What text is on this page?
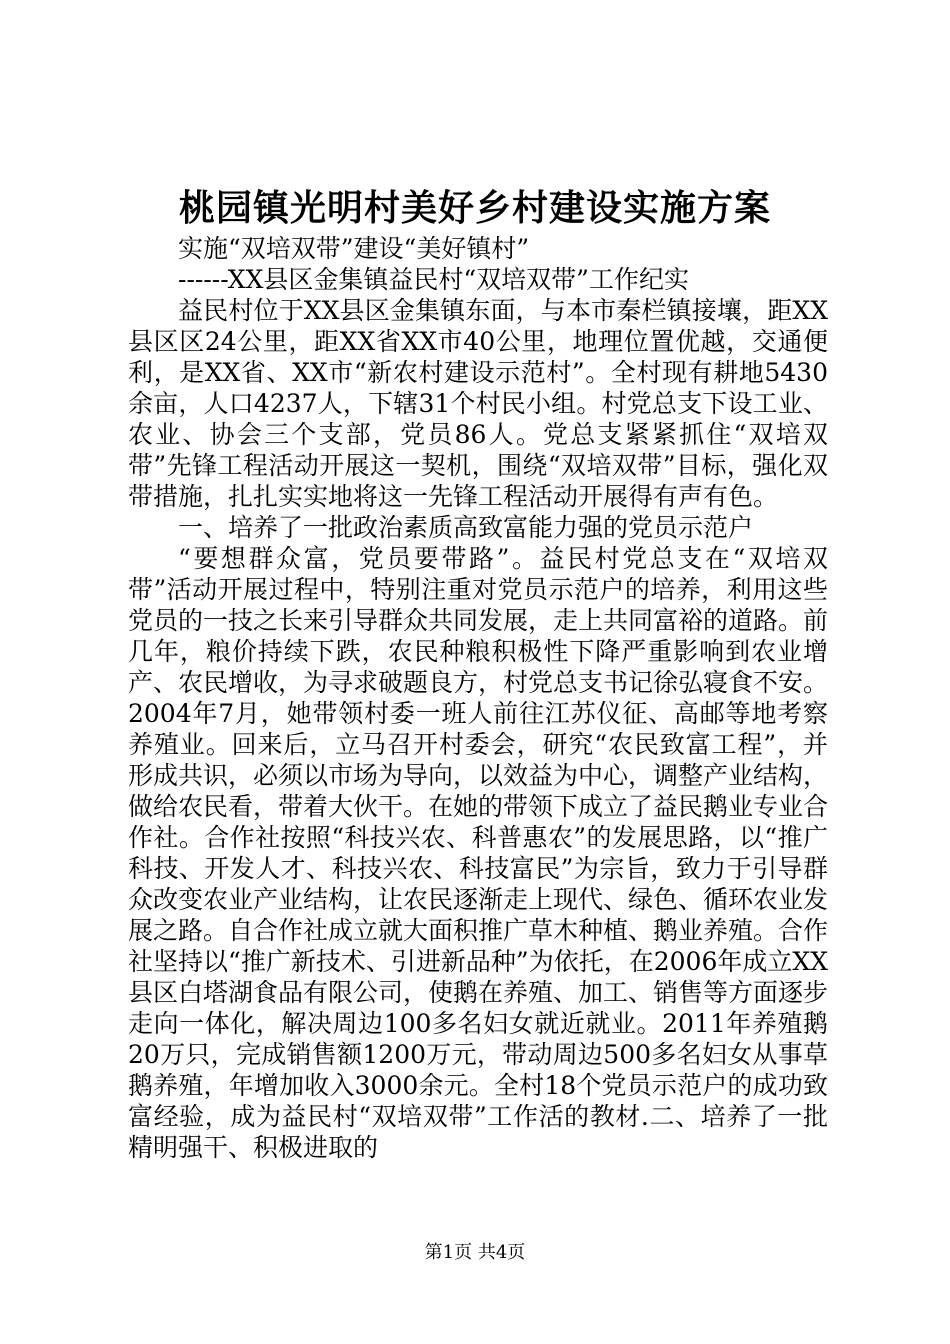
桃园镇光明村美好乡村建设实施方案

实施“双培双带”建设“美好镇村”

------XX县区金集镇益民村“双培双带”工作纪实

益民村位于XX县区金集镇东面，与本市秦栏镇接壤，距XX县区区24公里，距XX省XX市40公里，地理位置优越，交通便利，是XX省、XX市“新农村建设示范村”。全村现有耕地5430余亩，人口4237人，下辖31个村民小组。村党总支下设工业、农业、协会三个支部，党员86人。党总支紧紧抓住“双培双带”先锋工程活动开展这一契机，围绕“双培双带”目标，强化双带措施，扎扎实实地将这一先锋工程活动开展得有声有色。

一、培养了一批政治素质高致富能力强的党员示范户

“要想群众富，党员要带路”。益民村党总支在“双培双带”活动开展过程中，特别注重对党员示范户的培养，利用这些党员的一技之长来引导群众共同发展，走上共同富裕的道路。前几年，粮价持续下跌，农民种粮积极性下降严重影响到农业增产、农民增收，为寻求破题良方，村党总支书记徐弘寝食不安。2004年7月，她带领村委一班人前往江苏仪征、高邮等地考察养殖业。回来后，立马召开村委会，研究“农民致富工程”，并形成共识，必须以市场为导向，以效益为中心，调整产业结构，做给农民看，带着大伙干。在她的带领下成立了益民鹅业专业合作社。合作社按照“科技兴农、科普惠农”的发展思路，以“推广科技、开发人才、科技兴农、科技富民”为宗旨，致力于引导群众改变农业产业结构，让农民逐渐走上现代、绿色、循环农业发展之路。自合作社成立就大面积推广草木种植、鹅业养殖。合作社坚持以“推广新技术、引进新品种”为依托，在2006年成立XX县区白塔湖食品有限公司，使鹅在养殖、加工、销售等方面逐步走向一体化，解决周边100多名妇女就近就业。2011年养殖鹅20万只，完成销售额1200万元，带动周边500多名妇女从事草鹅养殖，年增加收入3000余元。全村18个党员示范户的成功致富经验，成为益民村“双培双带”工作活的教材.二、培养了一批精明强干、积极进取的

第1页 共4页
